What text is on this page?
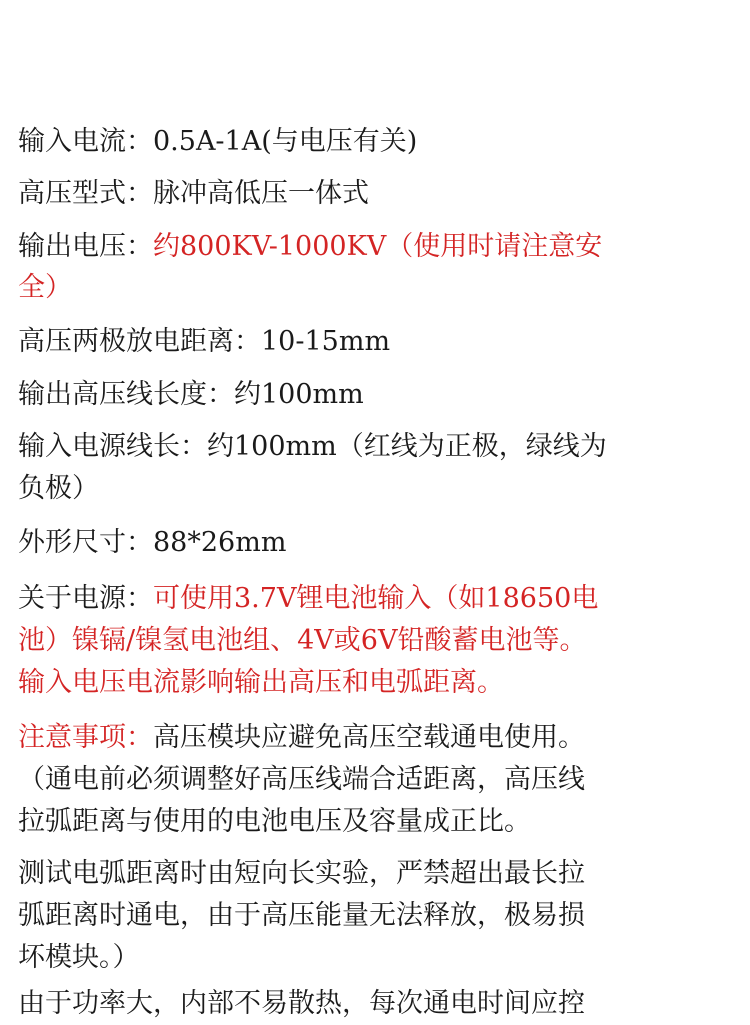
输入电流：0.5A-1A(与电压有关)

高压型式：脉冲高低压一体式

输出电压：约800KV-1000KV（使用时请注意安

全）

高压两极放电距离：10-15mm

输出高压线长度：约100mm

输入电源线长：约100mm（红线为正极，绿线为

负极）

外形尺寸：88*26mm

关于电源：可使用3.7V锂电池输入（如18650电

池）镍镉/镍氢电池组、4V或6V铅酸蓄电池等。

输入电压电流影响输出高压和电弧距离。

注意事项：高压模块应避免高压空载通电使用。

（通电前必须调整好高压线端合适距离，高压线

拉弧距离与使用的电池电压及容量成正比。

测试电弧距离时由短向长实验，严禁超出最长拉

弧距离时通电，由于高压能量无法释放，极易损

坏模块。）

由于功率大，内部不易散热，每次通电时间应控
